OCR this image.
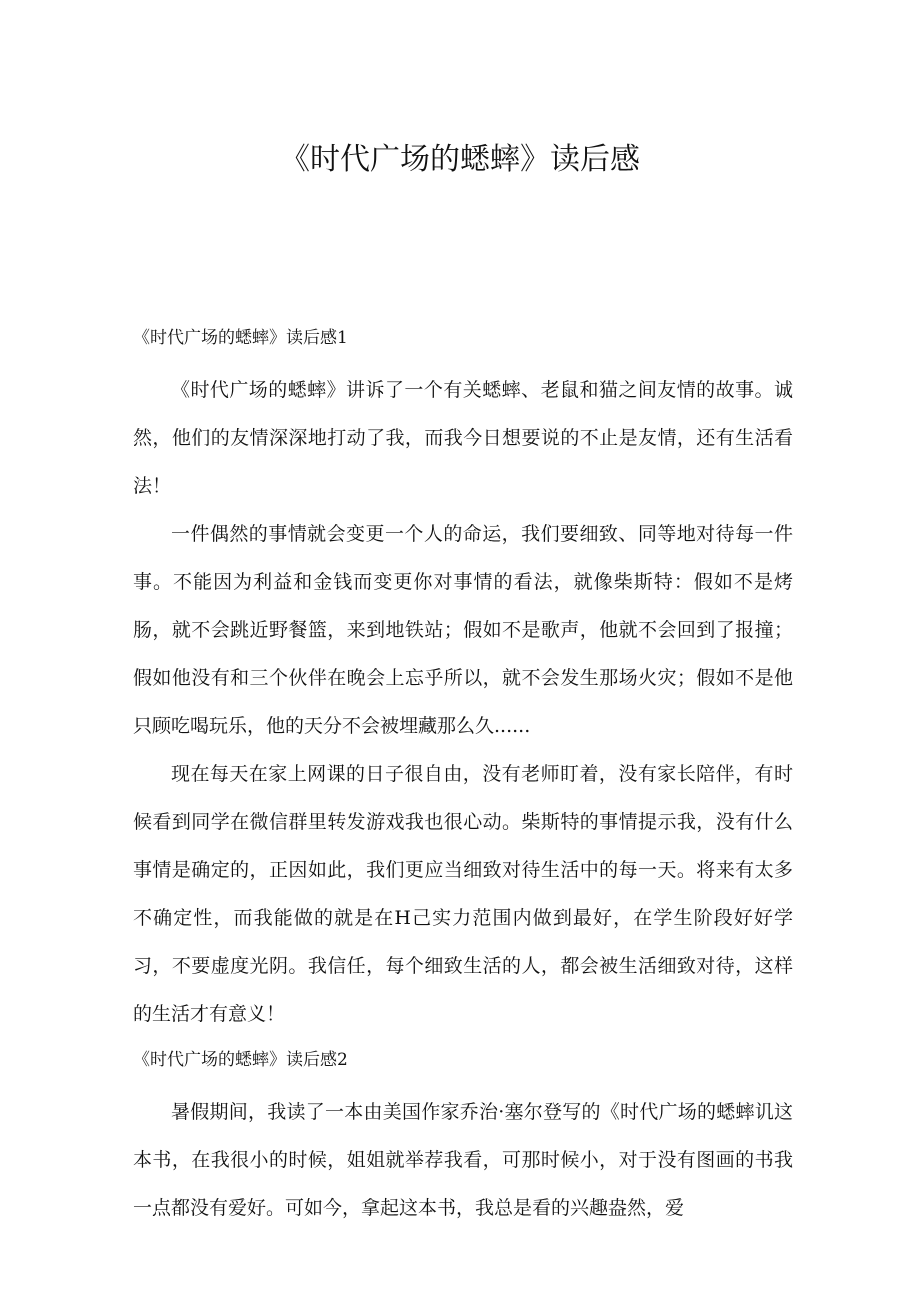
《时代广场的蟋蟀》读后感
《时代广场的蟋蟀》读后感1

《时代广场的蟋蟀》讲诉了一个有关蟋蟀、老鼠和猫之间友情的故事。诚然，他们的友情深深地打动了我，而我今日想要说的不止是友情，还有生活看法！

一件偶然的事情就会变更一个人的命运，我们要细致、同等地对待每一件事。不能因为利益和金钱而变更你对事情的看法，就像柴斯特：假如不是烤肠，就不会跳近野餐篮，来到地铁站；假如不是歌声，他就不会回到了报撞；假如他没有和三个伙伴在晚会上忘乎所以，就不会发生那场火灾；假如不是他只顾吃喝玩乐，他的天分不会被埋藏那么久......

现在每天在家上网课的日子很自由，没有老师盯着，没有家长陪伴，有时候看到同学在微信群里转发游戏我也很心动。柴斯特的事情提示我，没有什么事情是确定的，正因如此，我们更应当细致对待生活中的每一天。将来有太多不确定性，而我能做的就是在H己实力范围内做到最好，在学生阶段好好学习，不要虚度光阴。我信任，每个细致生活的人，都会被生活细致对待，这样的生活才有意义！

《时代广场的蟋蟀》读后感2

暑假期间，我读了一本由美国作家乔治·塞尔登写的《时代广场的蟋蟀讥这本书，在我很小的时候，姐姐就举荐我看，可那时候小，对于没有图画的书我一点都没有爱好。可如今，拿起这本书，我总是看的兴趣盎然，爱
